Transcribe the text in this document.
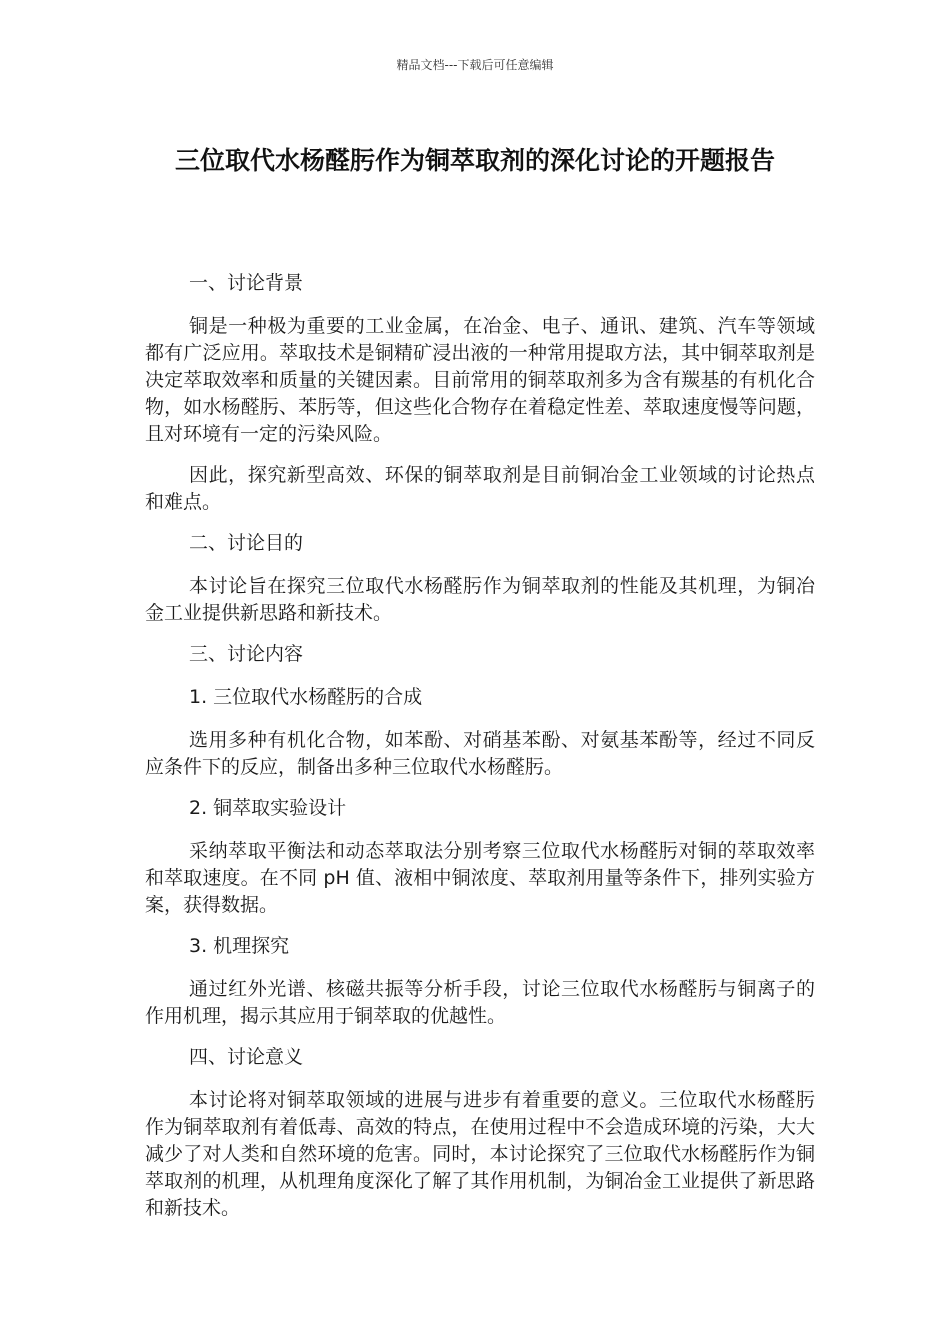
精品文档---下载后可任意编辑
三位取代水杨醛肟作为铜萃取剂的深化讨论的开题报告

一、讨论背景

铜是一种极为重要的工业金属，在冶金、电子、通讯、建筑、汽车等领域都有广泛应用。萃取技术是铜精矿浸出液的一种常用提取方法，其中铜萃取剂是决定萃取效率和质量的关键因素。目前常用的铜萃取剂多为含有羰基的有机化合物，如水杨醛肟、苯肟等，但这些化合物存在着稳定性差、萃取速度慢等问题，且对环境有一定的污染风险。

因此，探究新型高效、环保的铜萃取剂是目前铜冶金工业领域的讨论热点和难点。

二、讨论目的

本讨论旨在探究三位取代水杨醛肟作为铜萃取剂的性能及其机理，为铜冶金工业提供新思路和新技术。

三、讨论内容

1. 三位取代水杨醛肟的合成

选用多种有机化合物，如苯酚、对硝基苯酚、对氨基苯酚等，经过不同反应条件下的反应，制备出多种三位取代水杨醛肟。

2. 铜萃取实验设计

采纳萃取平衡法和动态萃取法分别考察三位取代水杨醛肟对铜的萃取效率和萃取速度。在不同 pH 值、液相中铜浓度、萃取剂用量等条件下，排列实验方案，获得数据。

3. 机理探究

通过红外光谱、核磁共振等分析手段，讨论三位取代水杨醛肟与铜离子的作用机理，揭示其应用于铜萃取的优越性。

四、讨论意义

本讨论将对铜萃取领域的进展与进步有着重要的意义。三位取代水杨醛肟作为铜萃取剂有着低毒、高效的特点，在使用过程中不会造成环境的污染，大大减少了对人类和自然环境的危害。同时，本讨论探究了三位取代水杨醛肟作为铜萃取剂的机理，从机理角度深化了解了其作用机制，为铜冶金工业提供了新思路和新技术。
